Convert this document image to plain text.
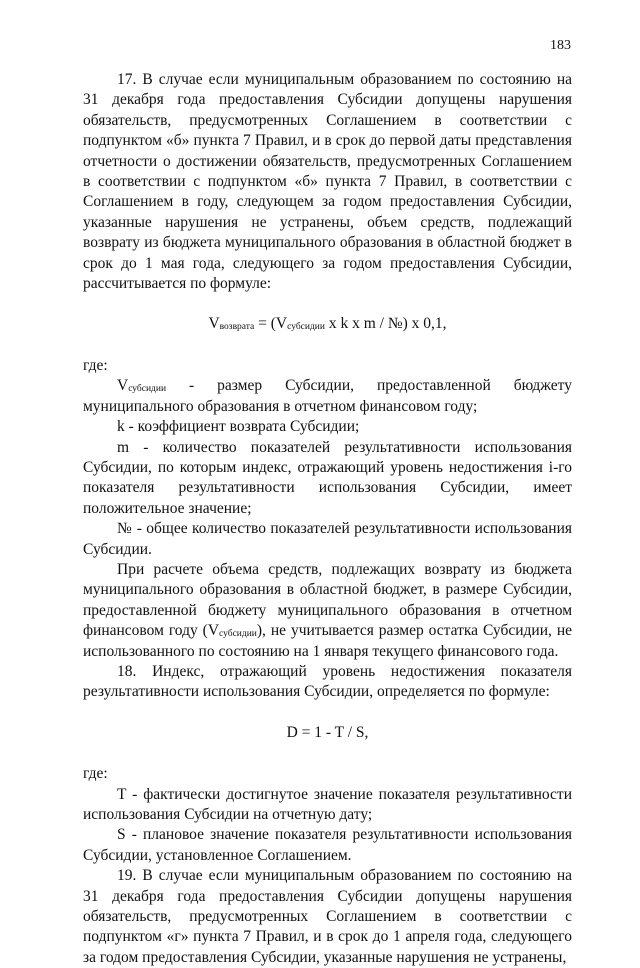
183

17. В случае если муниципальным образованием по состоянию на 31 декабря года предоставления Субсидии допущены нарушения обязательств, предусмотренных Соглашением в соответствии с подпунктом «б» пункта 7 Правил, и в срок до первой даты представления отчетности о достижении обязательств, предусмотренных Соглашением в соответствии с подпунктом «б» пункта 7 Правил, в соответствии с Соглашением в году, следующем за годом предоставления Субсидии, указанные нарушения не устранены, объем средств, подлежащий возврату из бюджета муниципального образования в областной бюджет в срок до 1 мая года, следующего за годом предоставления Субсидии, рассчитывается по формуле:

$V_{возврата} = (V_{субсидии}$ x k x m / №) x 0,1,

где:

$V_{субсидии}$ - размер Субсидии, предоставленной бюджету муниципального образования в отчетном финансовом году;

k - коэффициент возврата Субсидии;

m - количество показателей результативности использования Субсидии, по которым индекс, отражающий уровень недостижения i-го показателя результативности использования Субсидии, имеет положительное значение;

№ - общее количество показателей результативности использования Субсидии.

При расчете объема средств, подлежащих возврату из бюджета муниципального образования в областной бюджет, в размере Субсидии, предоставленной бюджету муниципального образования в отчетном финансовом году $(V_{субсидии})$, не учитывается размер остатка Субсидии, не использованного по состоянию на 1 января текущего финансового года.

18. Индекс, отражающий уровень недостижения показателя результативности использования Субсидии, определяется по формуле:

D = 1 - T / S,

где:

T - фактически достигнутое значение показателя результативности использования Субсидии на отчетную дату;

S - плановое значение показателя результативности использования Субсидии, установленное Соглашением.

19. В случае если муниципальным образованием по состоянию на 31 декабря года предоставления Субсидии допущены нарушения обязательств, предусмотренных Соглашением в соответствии с подпунктом «г» пункта 7 Правил, и в срок до 1 апреля года, следующего за годом предоставления Субсидии, указанные нарушения не устранены,
